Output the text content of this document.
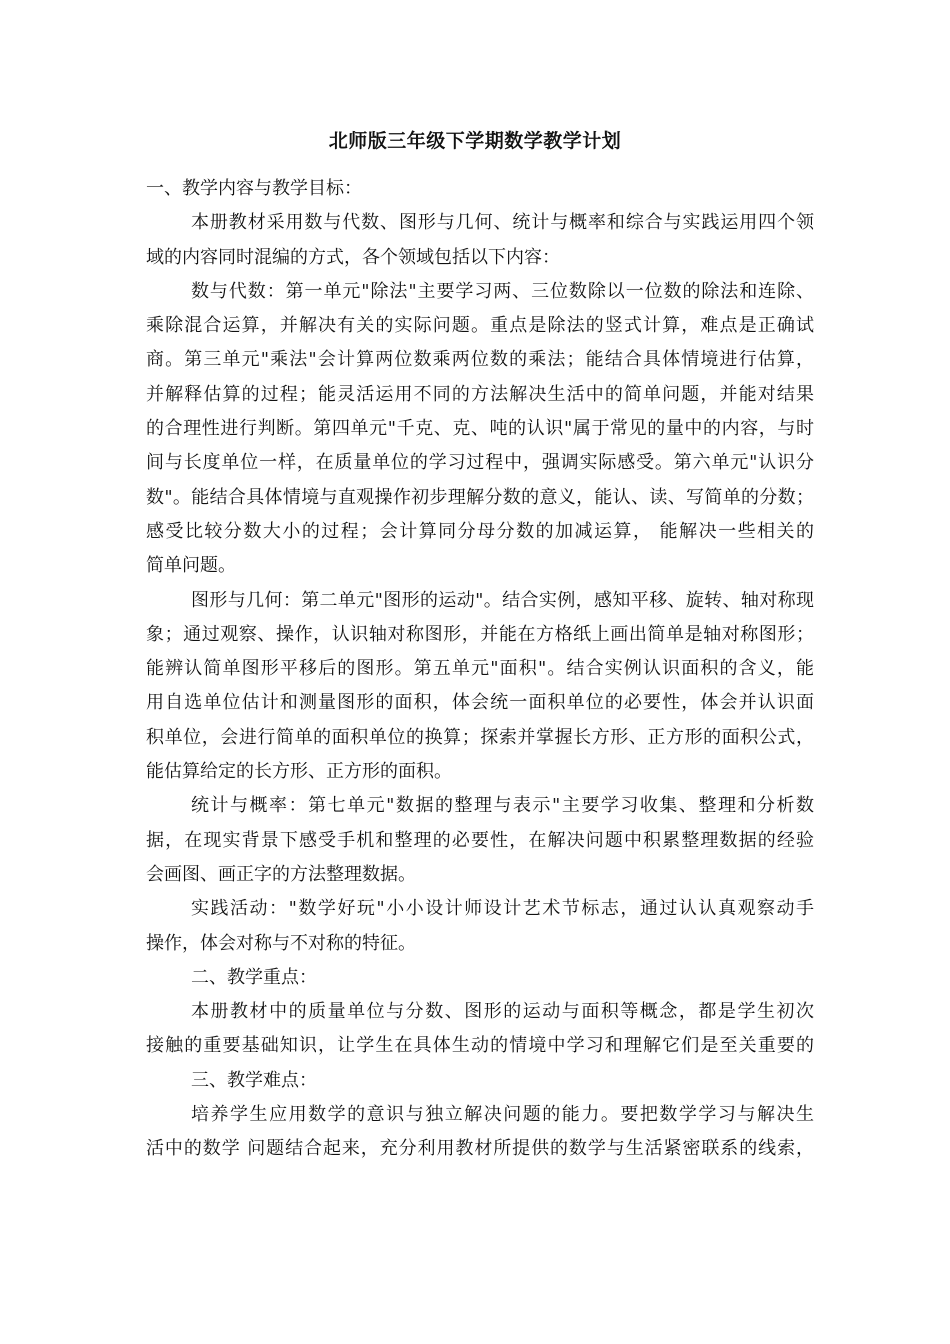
北师版三年级下学期数学教学计划
一、教学内容与教学目标：
本册教材采用数与代数、图形与几何、统计与概率和综合与实践运用四个领
域的内容同时混编的方式，各个领域包括以下内容：
数与代数：第一单元"除法"主要学习两、三位数除以一位数的除法和连除、
乘除混合运算，并解决有关的实际问题。重点是除法的竖式计算，难点是正确试
商。第三单元"乘法"会计算两位数乘两位数的乘法；能结合具体情境进行估算，
并解释估算的过程；能灵活运用不同的方法解决生活中的简单问题，并能对结果
的合理性进行判断。第四单元"千克、克、吨的认识"属于常见的量中的内容，与时
间与长度单位一样，在质量单位的学习过程中，强调实际感受。第六单元"认识分
数"。能结合具体情境与直观操作初步理解分数的意义，能认、读、写简单的分数；
感受比较分数大小的过程；会计算同分母分数的加减运算， 能解决一些相关的
简单问题。
图形与几何：第二单元"图形的运动"。结合实例，感知平移、旋转、轴对称现
象；通过观察、操作，认识轴对称图形，并能在方格纸上画出简单是轴对称图形；
能辨认简单图形平移后的图形。第五单元"面积"。结合实例认识面积的含义，能
用自选单位估计和测量图形的面积，体会统一面积单位的必要性，体会并认识面
积单位，会进行简单的面积单位的换算；探索并掌握长方形、正方形的面积公式，
能估算给定的长方形、正方形的面积。
统计与概率：第七单元"数据的整理与表示"主要学习收集、整理和分析数
据，在现实背景下感受手机和整理的必要性，在解决问题中积累整理数据的经验
会画图、画正字的方法整理数据。
实践活动："数学好玩"小小设计师设计艺术节标志，通过认认真观察动手
操作，体会对称与不对称的特征。
二、教学重点：
本册教材中的质量单位与分数、图形的运动与面积等概念，都是学生初次
接触的重要基础知识，让学生在具体生动的情境中学习和理解它们是至关重要的
三、教学难点：
培养学生应用数学的意识与独立解决问题的能力。要把数学学习与解决生
活中的数学 问题结合起来，充分利用教材所提供的数学与生活紧密联系的线索，
